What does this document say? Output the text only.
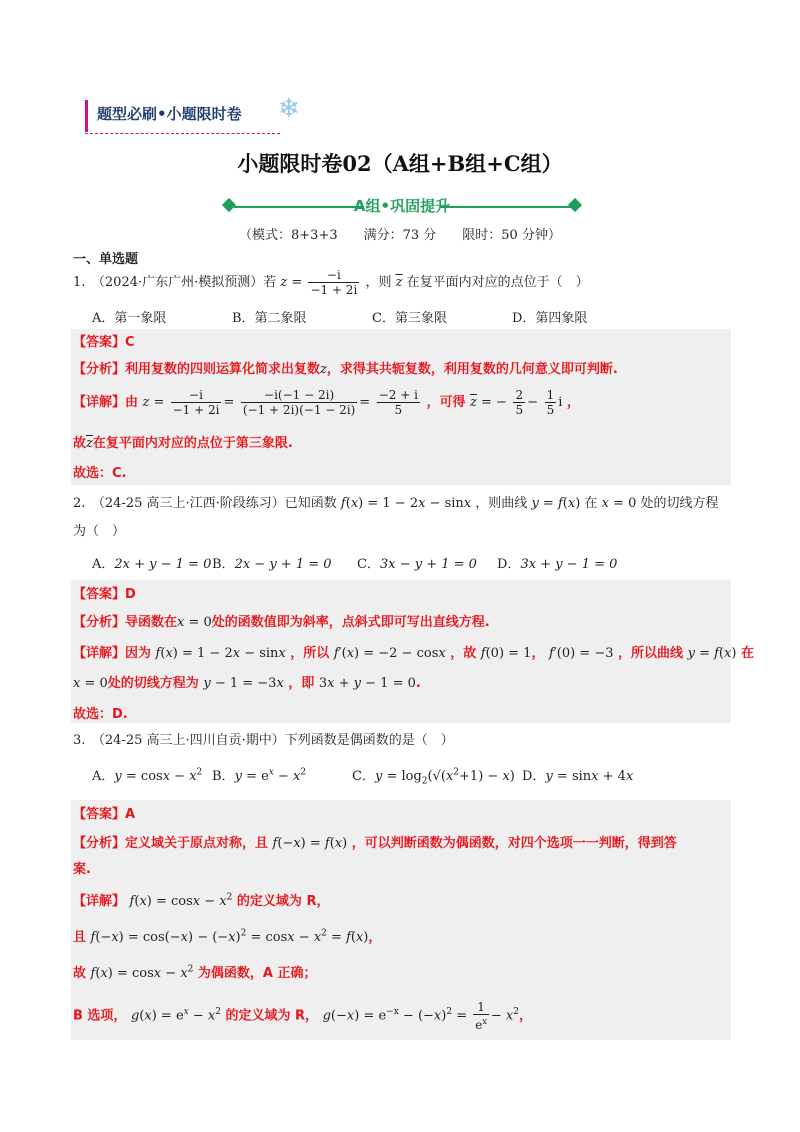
题型必刷•小题限时卷 ❄
小题限时卷02（A组+B组+C组）
A组•巩固提升
（模式：8+3+3　　满分：73 分　　限时：50 分钟）
一、单选题
1.　（2024·广东广州·模拟预测）若 $z = \frac{-i}{-1 + 2i}$ ，则 $\overline{z}$ 在复平面内对应的点位于（　）
A．第一象限	B．第二象限	C．第三象限	D．第四象限
【答案】C
【分析】利用复数的四则运算化简求出复数z，求得其共轭复数，利用复数的几何意义即可判断.
【详解】由 $z = \frac{-i}{-1 + 2i} = \frac{-i(-1 - 2i)}{(-1 + 2i)(-1 - 2i)} = \frac{-2 + i}{5}$ ，可得 $\overline{z}$ = − $\frac{2}{5} - \frac{1}{5}$ i ，
故$\overline{z}$在复平面内对应的点位于第三象限.
故选：C.
2.　（24-25 高三上·江西·阶段练习）已知函数 f(x) = 1 − 2x − sinx ，则曲线 y = f(x) 在 x = 0 处的切线方程
为（　）
A．2x + y − 1 = 0B．2x − y + 1 = 0 C．3x − y + 1 = 0 D．3x + y − 1 = 0
【答案】D
【分析】导函数在x = 0处的函数值即为斜率，点斜式即可写出直线方程.
【详解】因为 f(x) = 1 − 2x − sinx ，所以 f′(x) = −2 − cosx ，故 f(0) = 1， f′(0) = −3 ，所以曲线 y = f(x) 在
x = 0处的切线方程为 y − 1 = −3x ，即 3x + y − 1 = 0.
故选：D.
3.　（24-25 高三上·四川自贡·期中）下列函数是偶函数的是（　）
A．$y = \cos x - x^2$ B．$y = e^x - x^2$	C．$y = \log_2(√(x^2+1) - x)$ D．y = sinx + 4x
【答案】A
【分析】定义域关于原点对称，且 f(−x) = f(x) ，可以判断函数为偶函数，对四个选项一一判断，得到答
案.
【详解】 $f(x) = \cos x - x^2$ 的定义域为 R，
且 $f(-x) = \cos(-x) - (-x)^2 = \cos x - x^2 = f(x)$，
故 $f(x) = \cos x - x^2$ 为偶函数，A 正确；
B 选项， $g(x) = e^x - x^2$ 的定义域为 R， $g(-x) = e^{-x} - (-x)^2 = \frac{1}{e^x} - x^2$，
